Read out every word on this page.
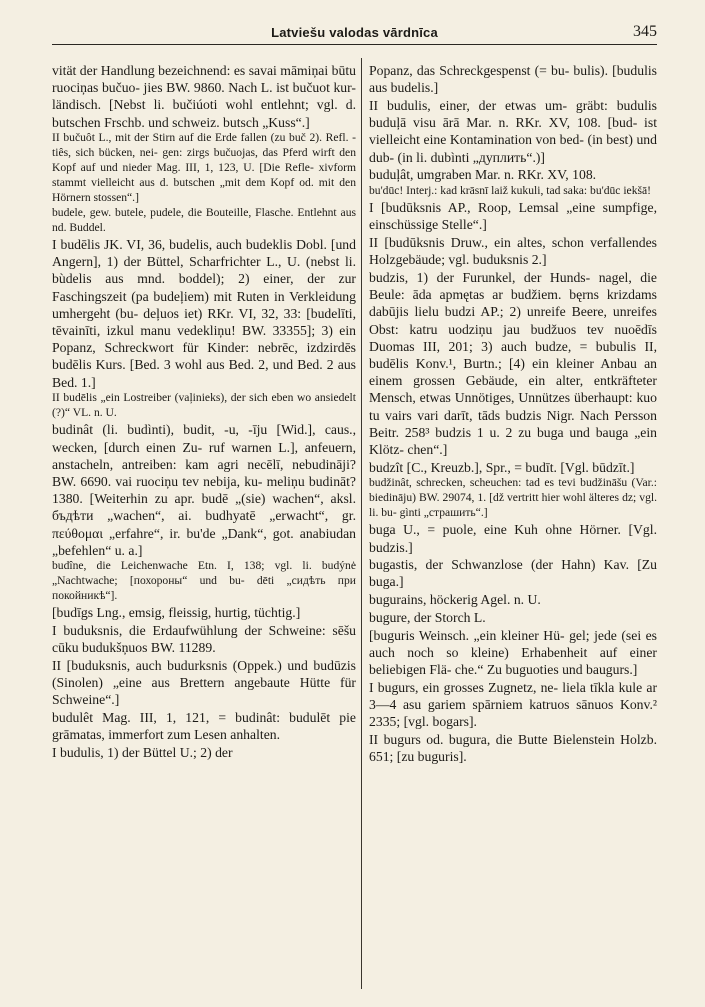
Latviešu valodas vārdnīca	345

vität der Handlung bezeichnend: es savai māmiņai būtu ruociņas bučuo- jies BW. 9860. Nach L. ist bučuot kur- ländisch. [Nebst li. bučiúoti wohl entlehnt; vgl. d. butschen Frschb. und schweiz. butsch „Kuss“.]

II bučuôt L., mit der Stirn auf die Erde fallen (zu buč 2). Refl. -tiês, sich bücken, nei- gen: zirgs bučuojas, das Pferd wirft den Kopf auf und nieder Mag. III, 1, 123, U. [Die Refle- xivform stammt vielleicht aus d. butschen „mit dem Kopf od. mit den Hörnern stossen“.]

budele, gew. butele, pudele, die Bouteille, Flasche. Entlehnt aus nd. Buddel.

I budēlis JK. VI, 36, budelis, auch budeklis Dobl. [und Angern], 1) der Büttel, Scharfrichter L., U. (nebst li. bùdelis aus mnd. boddel); 2) einer, der zur Faschingszeit (pa budeļiem) mit Ruten in Verkleidung umhergeht (bu- deļuos iet) RKr. VI, 32, 33: [budelīti, tēvainīti, izkul manu vedekliņu! BW. 33355]; 3) ein Popanz, Schreckwort für Kinder: nebrēc, izdzirdēs budēlis Kurs. [Bed. 3 wohl aus Bed. 2, und Bed. 2 aus Bed. 1.]

II budēlis „ein Lostreiber (vaļinieks), der sich eben wo ansiedelt (?)“ VL. n. U.

budinât (li. budìnti), budit, -u, -īju [Wid.], caus., wecken, [durch einen Zu- ruf warnen L.], anfeuern, anstacheln, antreiben: kam agri necēlī, nebudināji? BW. 6690. vai ruociņu tev nebija, ku- meliņu budināt? 1380. [Weiterhin zu apr. budē „(sie) wachen“, aksl. бъдѣти „wachen“, ai. budhyatē „erwacht“, gr. πεύθομαι „erfahre“, ir. bu'de „Dank“, got. anabiudan „befehlen“ u. a.]

budîne, die Leichenwache Etn. I, 138; vgl. li. budýnė „Nachtwache; [похороны“ und bu- dēti „сидѣть при покойникѣ“].

[budīgs Lng., emsig, fleissig, hurtig, tüchtig.]

I buduksnis, die Erdaufwühlung der Schweine: sēšu cūku budukšņuos BW. 11289.

II [buduksnis, auch budurksnis (Oppek.) und budūzis (Sinolen) „eine aus Brettern angebaute Hütte für Schweine“.]

budulêt Mag. III, 1, 121, = budinât: budulēt pie grāmatas, immerfort zum Lesen anhalten.

I budulis, 1) der Büttel U.; 2) der

Popanz, das Schreckgespenst (= bu- bulis). [budulis aus budelis.]

II budulis, einer, der etwas um- gräbt: budulis buduļā visu ārā Mar. n. RKr. XV, 108. [bud- ist vielleicht eine Kontamination von bed- (in best) und dub- (in li. dubìnti „дуплить“.)]

buduļât, umgraben Mar. n. RKr. XV, 108.

bu'dūc! Interj.: kad krāsnī laiž kukuli, tad saka: bu'dūc iekšā!

I [budūksnis AP., Roop, Lemsal „eine sumpfige, einschüssige Stelle“.]

II [budūksnis Druw., ein altes, schon verfallendes Holzgebäude; vgl. buduksnis 2.]

budzis, 1) der Furunkel, der Hunds- nagel, die Beule: āda apmętas ar budžiem. bęrns krizdams dabūjis lielu budzi AP.; 2) unreife Beere, unreifes Obst: katru uodziņu jau budžuos tev nuoēdīs Duomas III, 201; 3) auch budze, = bubulis II, budēlis Konv.¹, Burtn.; [4) ein kleiner Anbau an einem grossen Gebäude, ein alter, entkräfteter Mensch, etwas Unnötiges, Unnützes überhaupt: kuo tu vairs vari darīt, tāds budzis Nigr. Nach Persson Beitr. 258³ budzis 1 u. 2 zu buga und bauga „ein Klötz- chen“.]

budzît [C., Kreuzb.], Spr., = budīt. [Vgl. būdzīt.]

budžinât, schrecken, scheuchen: tad es tevi budžināšu (Var.: biedināju) BW. 29074, 1. [dž vertritt hier wohl älteres dz; vgl. li. bu- gìnti „страшить“.]

buga U., = puole, eine Kuh ohne Hörner. [Vgl. budzis.]

bugastis, der Schwanzlose (der Hahn) Kav. [Zu buga.]

bugurains, höckerig Agel. n. U.

bugure, der Storch L.

[buguris Weinsch. „ein kleiner Hü- gel; jede (sei es auch noch so kleine) Erhabenheit auf einer beliebigen Flä- che.“ Zu buguoties und baugurs.]

I bugurs, ein grosses Zugnetz, ne- liela tīkla kule ar 3—4 asu gariem spārniem katruos sānuos Konv.² 2335; [vgl. bogars].

II bugurs od. bugura, die Butte Bielenstein Holzb. 651; [zu buguris].
